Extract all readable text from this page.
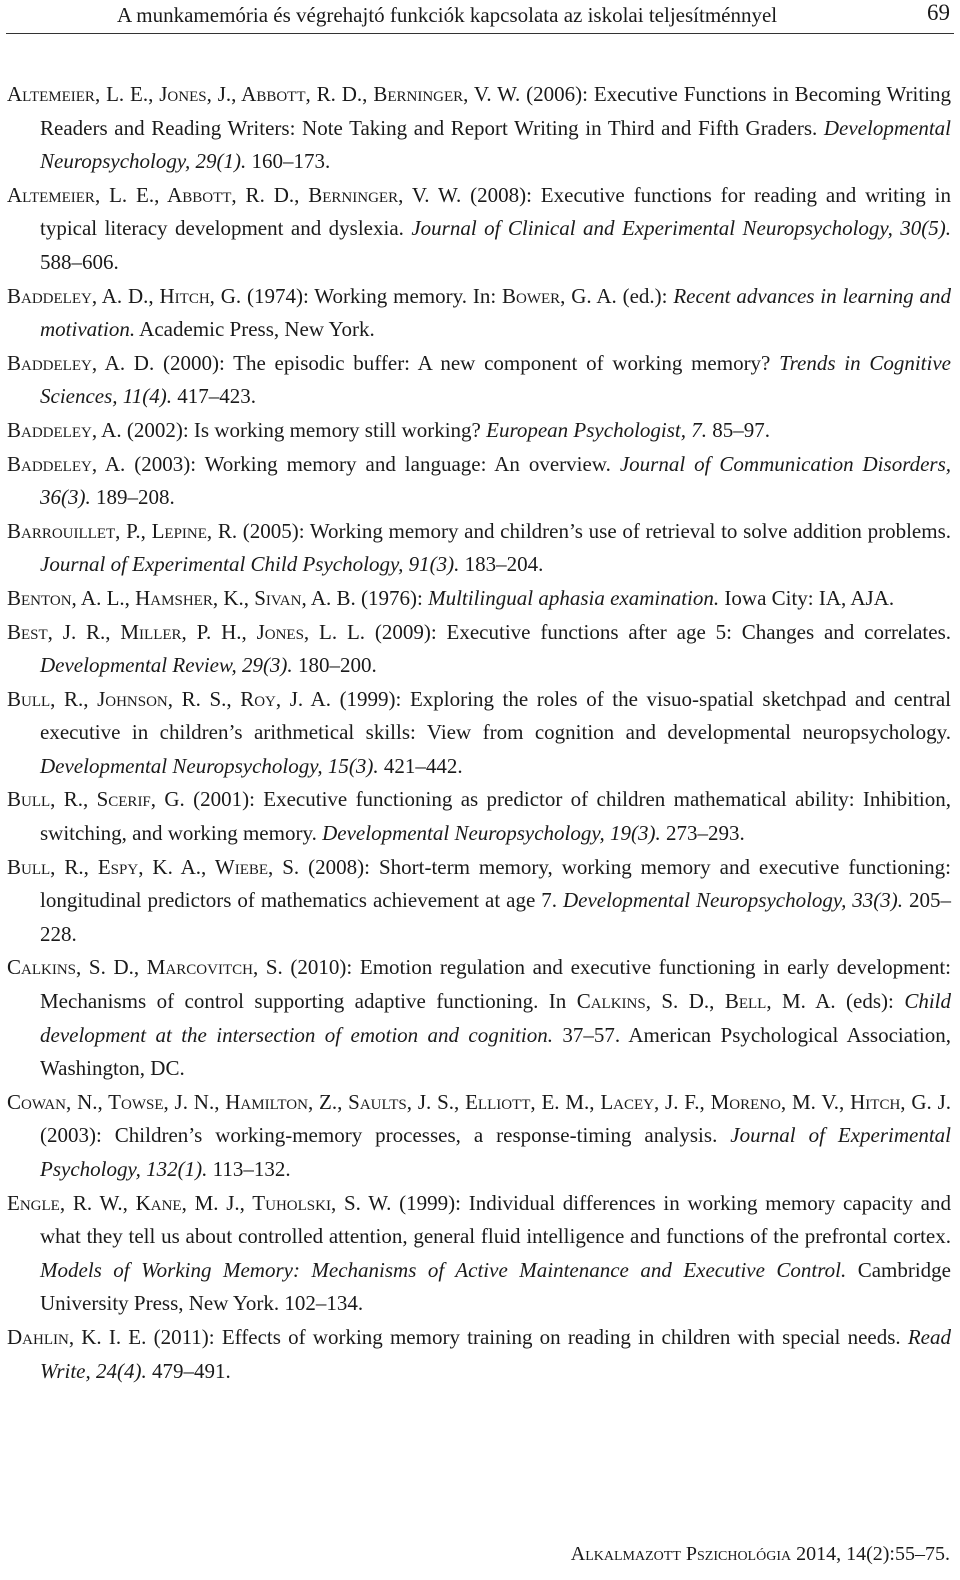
A munkamemória és végrehajtó funkciók kapcsolata az iskolai teljesítménnyel	69

Altemeier, L. E., Jones, J., Abbott, R. D., Berninger, V. W. (2006): Executive Functions in Becoming Writing Readers and Reading Writers: Note Taking and Report Writing in Third and Fifth Graders. Developmental Neuropsychology, 29(1). 160–173.

Altemeier, L. E., Abbott, R. D., Berninger, V. W. (2008): Executive functions for reading and writing in typical literacy development and dyslexia. Journal of Clinical and Experimental Neuropsychology, 30(5). 588–606.

Baddeley, A. D., Hitch, G. (1974): Working memory. In: Bower, G. A. (ed.): Recent advances in learning and motivation. Academic Press, New York.

Baddeley, A. D. (2000): The episodic buffer: A new component of working memory? Trends in Cognitive Sciences, 11(4). 417–423.

Baddeley, A. (2002): Is working memory still working? European Psychologist, 7. 85–97.

Baddeley, A. (2003): Working memory and language: An overview. Journal of Communication Disorders, 36(3). 189–208.

Barrouillet, P., Lepine, R. (2005): Working memory and children’s use of retrieval to solve addition problems. Journal of Experimental Child Psychology, 91(3). 183–204.

Benton, A. L., Hamsher, K., Sivan, A. B. (1976): Multilingual aphasia examination. Iowa City: IA, AJA.

Best, J. R., Miller, P. H., Jones, L. L. (2009): Executive functions after age 5: Changes and correlates. Developmental Review, 29(3). 180–200.

Bull, R., Johnson, R. S., Roy, J. A. (1999): Exploring the roles of the visuo-spatial sketchpad and central executive in children’s arithmetical skills: View from cognition and developmental neuropsychology. Developmental Neuropsychology, 15(3). 421–442.

Bull, R., Scerif, G. (2001): Executive functioning as predictor of children mathematical ability: Inhibition, switching, and working memory. Developmental Neuropsychology, 19(3). 273–293.

Bull, R., Espy, K. A., Wiebe, S. (2008): Short-term memory, working memory and executive functioning: longitudinal predictors of mathematics achievement at age 7. Developmental Neuropsychology, 33(3). 205–228.

Calkins, S. D., Marcovitch, S. (2010): Emotion regulation and executive functioning in early development: Mechanisms of control supporting adaptive functioning. In Calkins, S. D., Bell, M. A. (eds): Child development at the intersection of emotion and cognition. 37–57. American Psychological Association, Washington, DC.

Cowan, N., Towse, J. N., Hamilton, Z., Saults, J. S., Elliott, E. M., Lacey, J. F., Moreno, M. V., Hitch, G. J. (2003): Children’s working-memory processes, a response-timing analysis. Journal of Experimental Psychology, 132(1). 113–132.

Engle, R. W., Kane, M. J., Tuholski, S. W. (1999): Individual differences in working memory capacity and what they tell us about controlled attention, general fluid intelligence and functions of the prefrontal cortex. Models of Working Memory: Mechanisms of Active Maintenance and Executive Control. Cambridge University Press, New York. 102–134.

Dahlin, K. I. E. (2011): Effects of working memory training on reading in children with special needs. Read Write, 24(4). 479–491.

Alkalmazott Pszichológia 2014, 14(2):55–75.
